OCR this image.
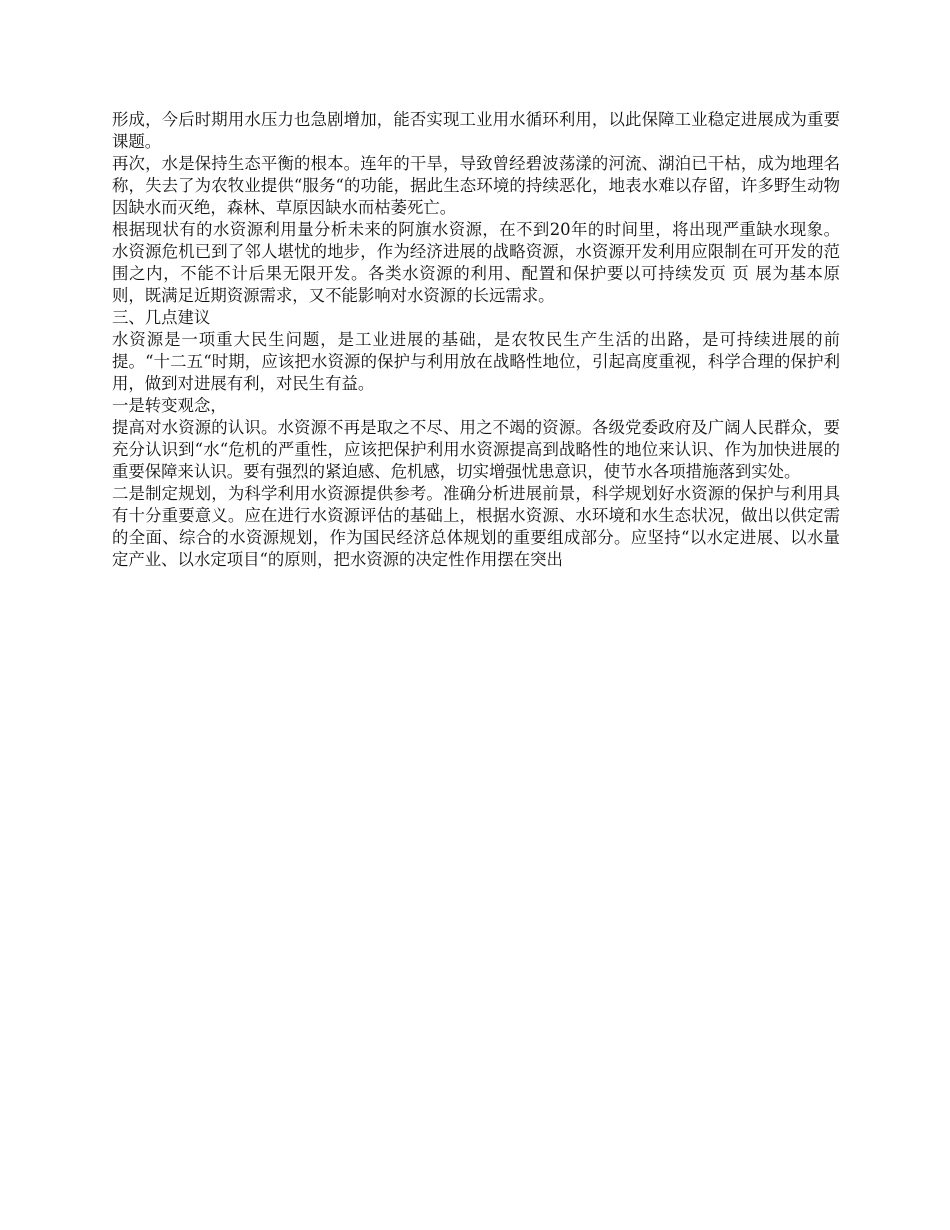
形成，今后时期用水压力也急剧增加，能否实现工业用水循环利用，以此保障工业稳定进展成为重要课题。

再次，水是保持生态平衡的根本。连年的干旱，导致曾经碧波荡漾的河流、湖泊已干枯，成为地理名称，失去了为农牧业提供“服务“的功能，据此生态环境的持续恶化，地表水难以存留，许多野生动物因缺水而灭绝，森林、草原因缺水而枯萎死亡。

根据现状有的水资源利用量分析未来的阿旗水资源，在不到20年的时间里，将出现严重缺水现象。 水资源危机已到了邻人堪忧的地步，作为经济进展的战略资源，水资源开发利用应限制在可开发的范围之内，不能不计后果无限开发。各类水资源的利用、配置和保护要以可持续发页 页 展为基本原则，既满足近期资源需求，又不能影响对水资源的长远需求。

三、几点建议

水资源是一项重大民生问题，是工业进展的基础，是农牧民生产生活的出路，是可持续进展的前提。“十二五“时期，应该把水资源的保护与利用放在战略性地位，引起高度重视，科学合理的保护利用，做到对进展有利，对民生有益。

一是转变观念，

提高对水资源的认识。水资源不再是取之不尽、用之不竭的资源。各级党委政府及广阔人民群众，要充分认识到“水“危机的严重性，应该把保护利用水资源提高到战略性的地位来认识、作为加快进展的重要保障来认识。要有强烈的紧迫感、危机感，切实增强忧患意识，使节水各项措施落到实处。

二是制定规划，为科学利用水资源提供参考。准确分析进展前景，科学规划好水资源的保护与利用具有十分重要意义。应在进行水资源评估的基础上，根据水资源、水环境和水生态状况，做出以供定需的全面、综合的水资源规划，作为国民经济总体规划的重要组成部分。应坚持“以水定进展、以水量定产业、以水定项目“的原则，把水资源的决定性作用摆在突出
